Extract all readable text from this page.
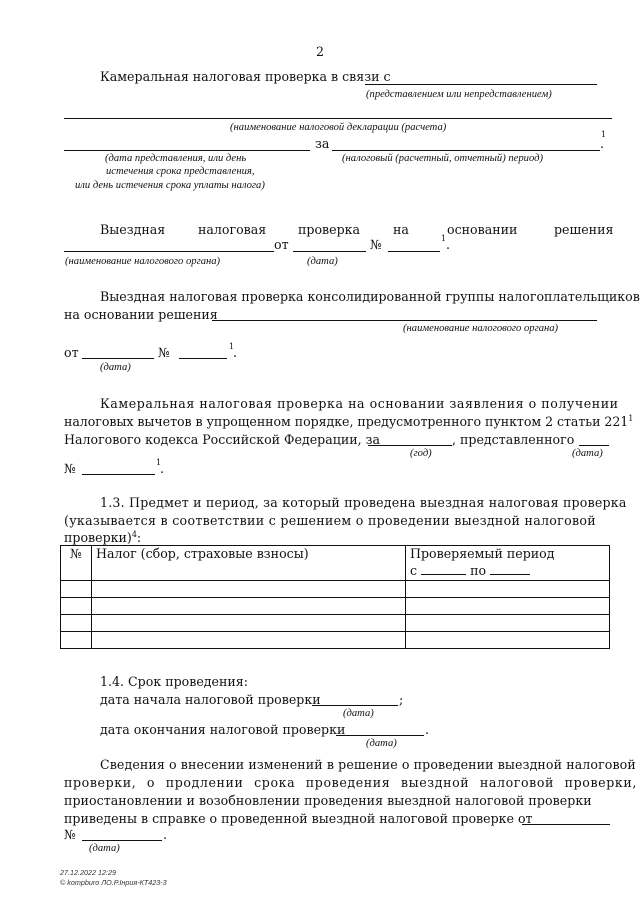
2
Камеральная налоговая проверка в связи с
(представлением или непредставлением)
(наименование налоговой декларации (расчета)
за	.
1
(дата представления, или день
истечения срока представления,
или день истечения срока уплаты налога)
(налоговый (расчетный, отчетный) период)
Выездная	налоговая	проверка	на	основании	решения
от	№	1 .
(наименование налогового органа)	(дата)
Выездная налоговая проверка консолидированной группы налогоплательщиков
на основании решения
(наименование налогового органа)
от	№	1
.
(дата)
Камеральная налоговая проверка на основании заявления о получении
налоговых вычетов в упрощенном порядке, предусмотренного пунктом 2 статьи $221^1$
Налогового кодекса Российской Федерации, за	, представленного
(год)	(дата)
№	1
.
1.3. Предмет и период, за который проведена выездная налоговая проверка
(указывается в соответствии с решением о проведении выездной налоговой
проверки)$^4$:
№	Налог (сбор, страховые взносы)	Проверяемый период
с по

1.4. Срок проведения:
дата начала налоговой проверки	;
(дата)
дата окончания налоговой проверки	.
(дата)
Сведения о внесении изменений в решение о проведении выездной налоговой
проверки, о продлении срока проведения выездной налоговой проверки,
приостановлении и возобновлении проведения выездной налоговой проверки
приведены в справке о проведенной выездной налоговой проверке от
№	.
(дата)
27.12.2022 12:29
© kompburo ЛО.Р.Iнрия-КТ423-3
